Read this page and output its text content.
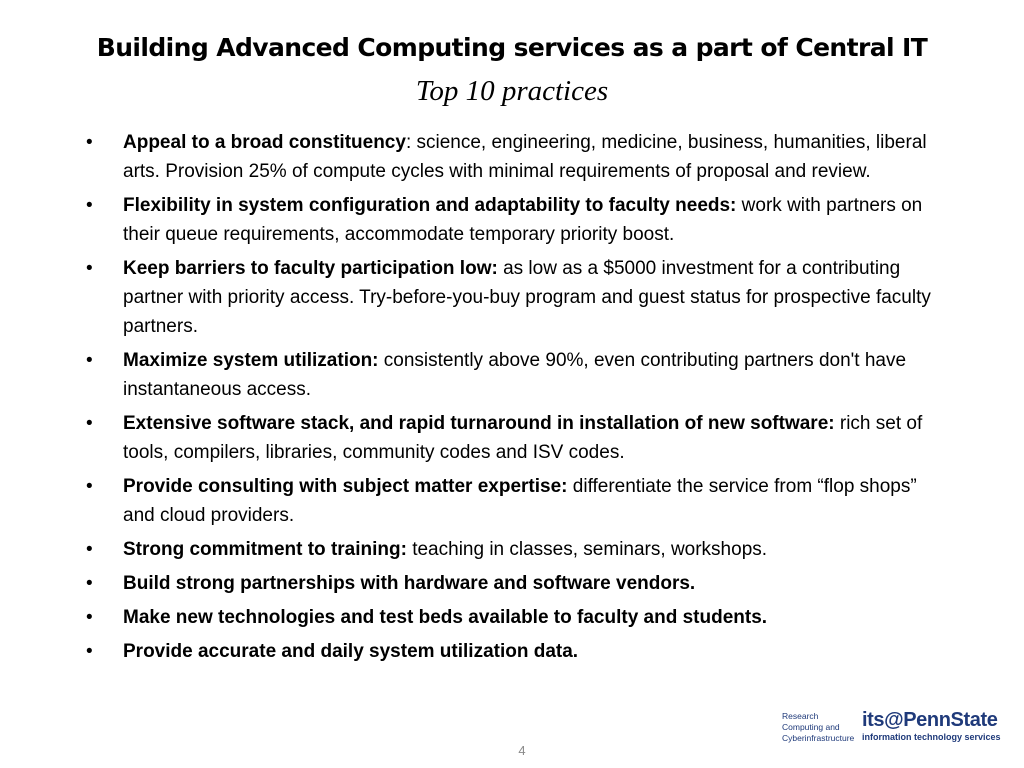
Building Advanced Computing services as a part of Central IT
Top 10 practices
•	Appeal to a broad constituency: science, engineering, medicine, business, humanities, liberal arts. Provision 25% of compute cycles with minimal requirements of proposal and review.
•	Flexibility in system configuration and adaptability to faculty needs: work with partners on their queue requirements, accommodate temporary priority boost.
•	Keep barriers to faculty participation low: as low as a $5000 investment for a contributing partner with priority access. Try-before-you-buy program and guest status for prospective faculty partners.
•	Maximize system utilization: consistently above 90%, even contributing partners don't have instantaneous access.
•	Extensive software stack, and rapid turnaround in installation of new software: rich set of tools, compilers, libraries, community codes and ISV codes.
•	Provide consulting with subject matter expertise: differentiate the service from “flop shops” and cloud providers.
•	Strong commitment to training: teaching in classes, seminars, workshops.
•	Build strong partnerships with hardware and software vendors.
•	Make new technologies and test beds available to faculty and students.
•	Provide accurate and daily system utilization data.
Research
Computing and
Cyberinfrastructure
its@PennState
information technology services
4
